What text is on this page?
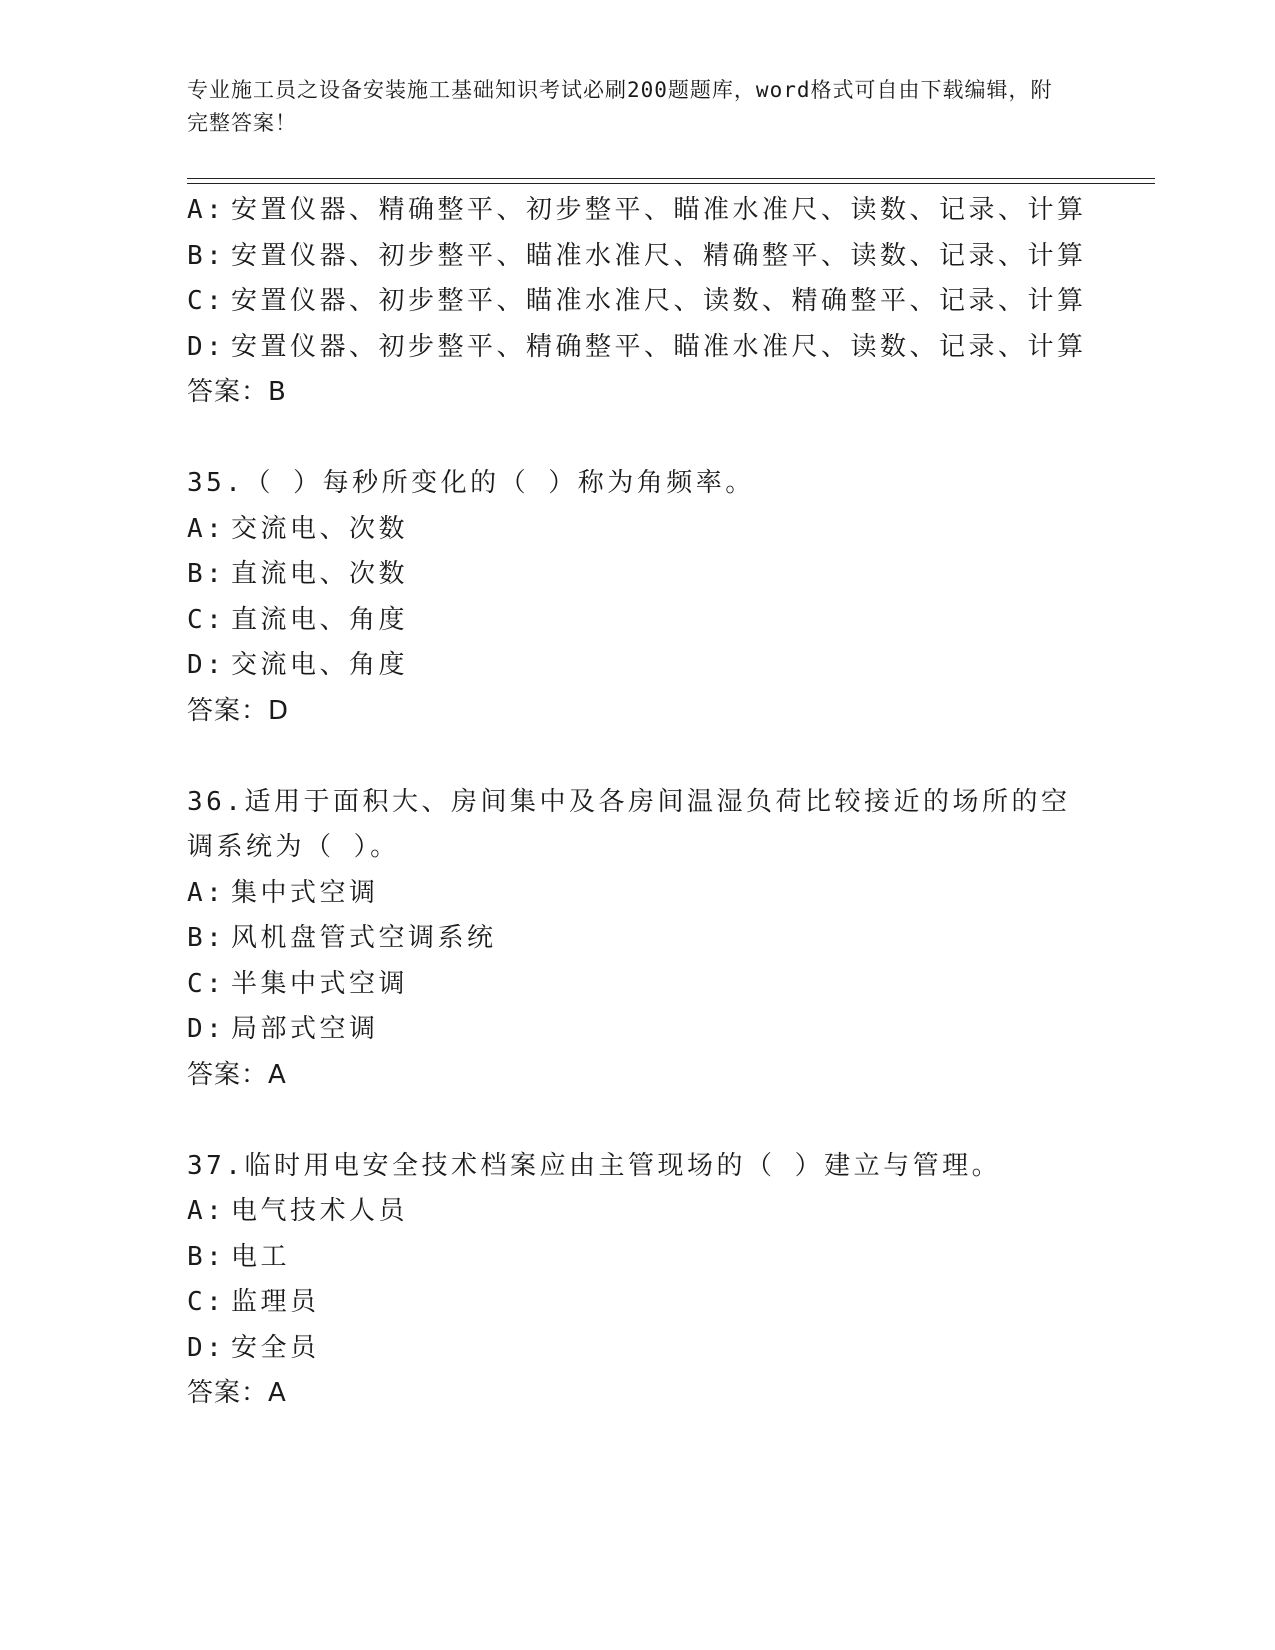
专业施工员之设备安装施工基础知识考试必刷200题题库，word格式可自由下载编辑，附完整答案！
A: 安置仪器、精确整平、初步整平、瞄准水准尺、读数、记录、计算
B: 安置仪器、初步整平、瞄准水准尺、精确整平、读数、记录、计算
C: 安置仪器、初步整平、瞄准水准尺、读数、精确整平、记录、计算
D: 安置仪器、初步整平、精确整平、瞄准水准尺、读数、记录、计算
答案：B
35.（ ）每秒所变化的（ ）称为角频率。
A: 交流电、次数
B: 直流电、次数
C: 直流电、角度
D: 交流电、角度
答案：D
36.适用于面积大、房间集中及各房间温湿负荷比较接近的场所的空调系统为（ ）。
A: 集中式空调
B: 风机盘管式空调系统
C: 半集中式空调
D: 局部式空调
答案：A
37.临时用电安全技术档案应由主管现场的（ ）建立与管理。
A: 电气技术人员
B: 电工
C: 监理员
D: 安全员
答案：A
